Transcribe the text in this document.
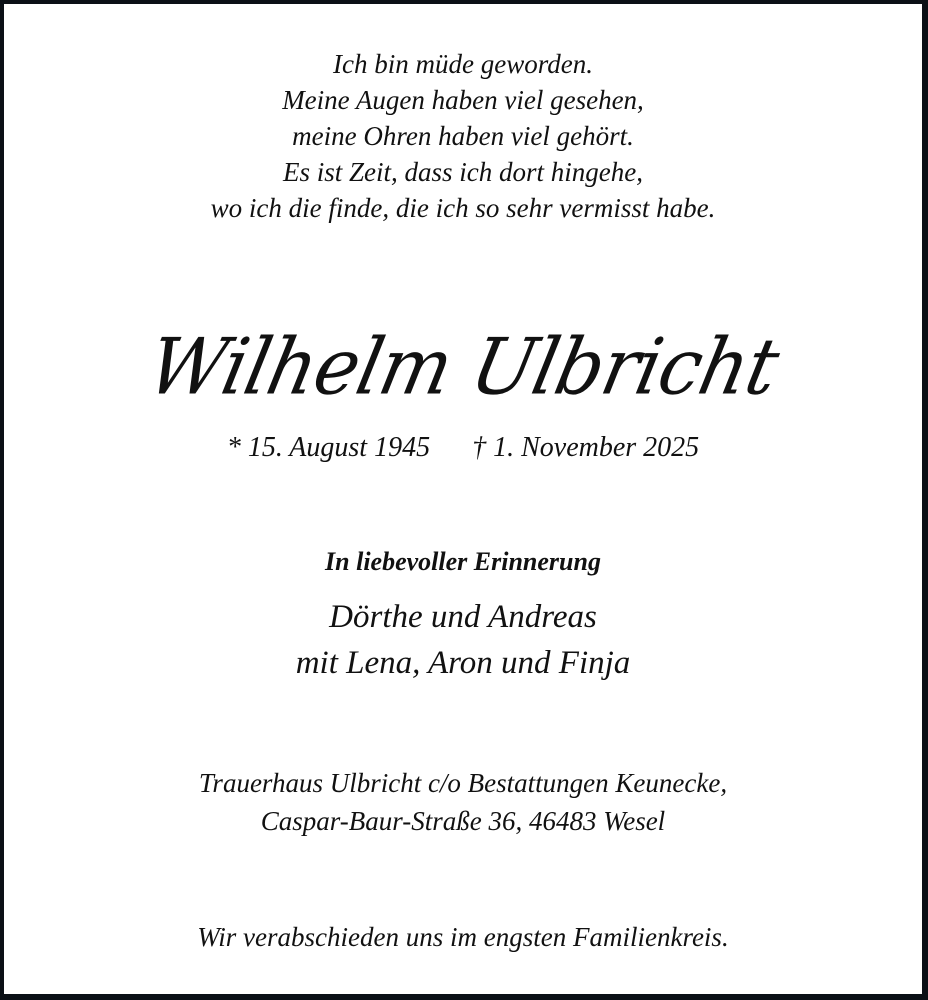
Ich bin müde geworden.
Meine Augen haben viel gesehen,
meine Ohren haben viel gehört.
Es ist Zeit, dass ich dort hingehe,
wo ich die finde, die ich so sehr vermisst habe.
Wilhelm Ulbricht
* 15. August 1945 † 1. November 2025
In liebevoller Erinnerung
Dörthe und Andreas
mit Lena, Aron und Finja
Trauerhaus Ulbricht c/o Bestattungen Keunecke,
Caspar-Baur-Straße 36, 46483 Wesel
Wir verabschieden uns im engsten Familienkreis.
